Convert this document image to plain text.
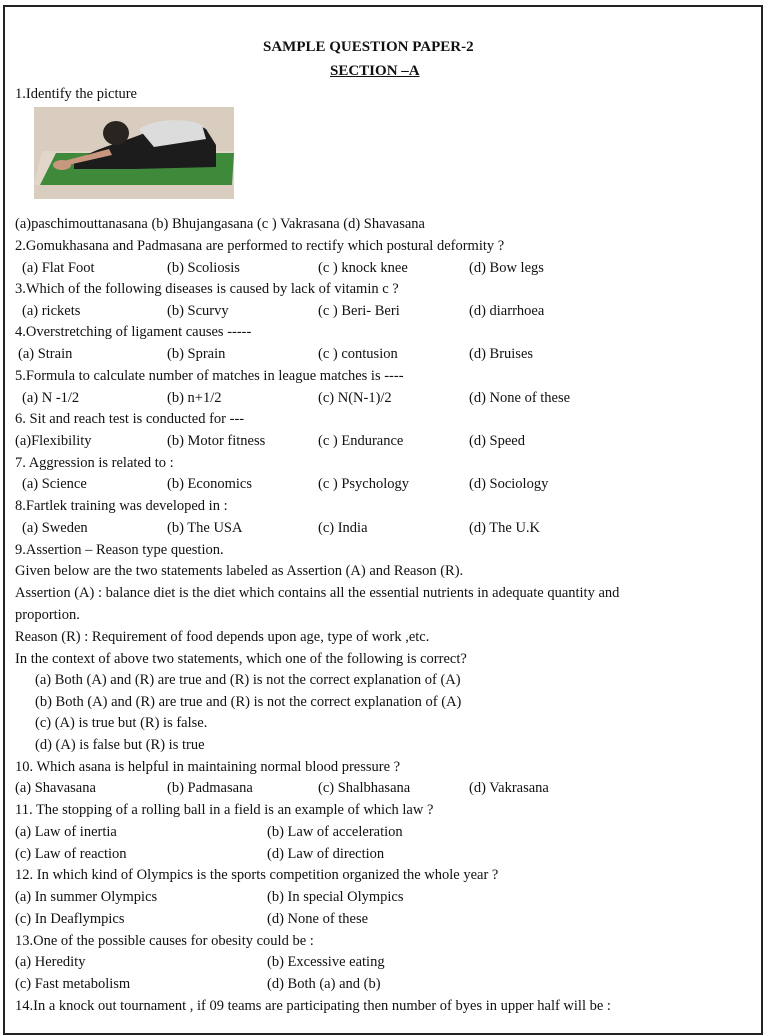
SAMPLE QUESTION PAPER-2
SECTION –A
1.Identify the picture
(a)paschimouttanasana (b) Bhujangasana (c ) Vakrasana (d) Shavasana
2.Gomukhasana and Padmasana are performed to rectify which postural deformity ?
(a) Flat Foot	(b) Scoliosis	(c ) knock knee	(d) Bow legs
3.Which of the following diseases is caused by lack of vitamin c ?
(a) rickets	(b) Scurvy	(c ) Beri- Beri	(d) diarrhoea
4.Overstretching of ligament causes -----
(a) Strain	(b) Sprain	(c ) contusion	(d) Bruises
5.Formula to calculate number of matches in league matches is ----
(a) N -1/2	(b) n+1/2	(c) N(N-1)/2	(d) None of these
6. Sit and reach test is conducted for ---
(a)Flexibility	(b) Motor fitness	(c ) Endurance	(d) Speed
7. Aggression is related to :
(a) Science	(b) Economics	(c ) Psychology	(d) Sociology
8.Fartlek training was developed in :
(a) Sweden	(b) The USA	(c) India	(d) The U.K
9.Assertion – Reason type question.
Given below are the two statements labeled as Assertion (A) and Reason (R).
Assertion (A) : balance diet is the diet which contains all the essential nutrients in adequate quantity and
proportion.
Reason (R) : Requirement of food depends upon age, type of work ,etc.
In the context of above two statements, which one of the following is correct?
(a) Both (A) and (R) are true and (R) is not the correct explanation of (A)
(b) Both (A) and (R) are true and (R) is not the correct explanation of (A)
(c) (A) is true but (R) is false.
(d) (A) is false but (R) is true
10. Which asana is helpful in maintaining normal blood pressure ?
(a) Shavasana	(b) Padmasana	(c) Shalbhasana	(d) Vakrasana
11. The stopping of a rolling ball in a field is an example of which law ?
(a) Law of inertia	(b) Law of acceleration
(c) Law of reaction	(d) Law of direction
12. In which kind of Olympics is the sports competition organized the whole year ?
(a) In summer Olympics	(b) In special Olympics
(c) In Deaflympics	(d) None of these
13.One of the possible causes for obesity could be :
(a) Heredity	(b) Excessive eating
(c) Fast metabolism	(d) Both (a) and (b)
14.In a knock out tournament , if 09 teams are participating then number of byes in upper half will be :
